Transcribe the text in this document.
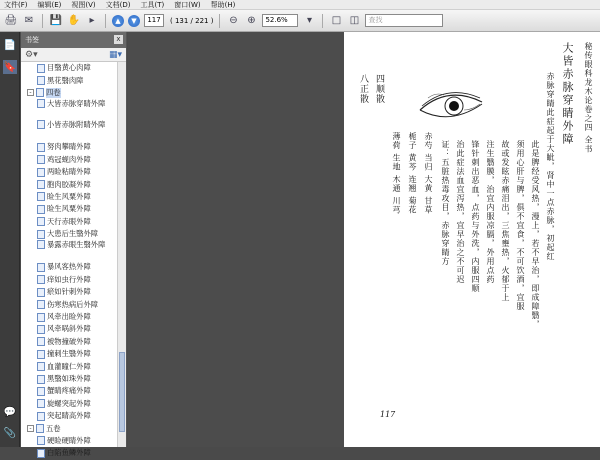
文件(F) 编辑(E) 视图(V) 文档(D) 工具(T) 窗口(W) 帮助(H)
🖨 ✉ 💾 ✋ ▸	▲	▼	117	( 131 / 221 ) ⊖ ⊕	52.6%	▾	□ ◫	查找
📄
🔖
💬
📎
书签	x
⚙▾	▦▾
目翳黄心肉障
黑花翳肉障
-	四卷
大皆赤脉穿睛外障
小皆赤脉附睛外障
努肉攀睛外障
鸡冠蚬肉外障
两睑粘睛外障
胞肉胶凝外障
睑生风粟外障
睑生风粟外障
天行赤眼外障
大患后生翳外障
暴露赤眼生翳外障
暴风客热外障
痒如虫行外障
瘀如针刺外障
伤寒热病后外障
风牵出睑外障
风牵㖞斜外障
被物撞破外障
撞刺生翳外障
血灌瞳仁外障
黑翳如珠外障
蟹睛疼痛外障
旋螺突起外障
突起睛高外障
-	五卷
硬睑硬睛外障
白陷鱼鳞外障
大皆赤脉穿睛外障 秘传眼科龙木论卷之四 全书
赤脉穿睛此症起于大眦，肾中一点赤脉，初起红
此是脾经受风热，漫上，若不早治，即成障翳，
须用心肝与脾，俱不宜食，不可饮酒，宜服
故或发眩赤痛泪出，三焦壅热，火郁于上
注生翳膜，治宜内服凉膈，外用点药
锋针刺出恶血，点药与外洗，内服四顺
治此症法血宜泻热，宜早治之不可迟
证：五脏热毒攻目，赤脉穿睛方
赤芍 当归 大黄 甘草
栀子 黄芩 连翘 菊花
薄荷 生地 木通 川芎
四顺散
八正散
117
